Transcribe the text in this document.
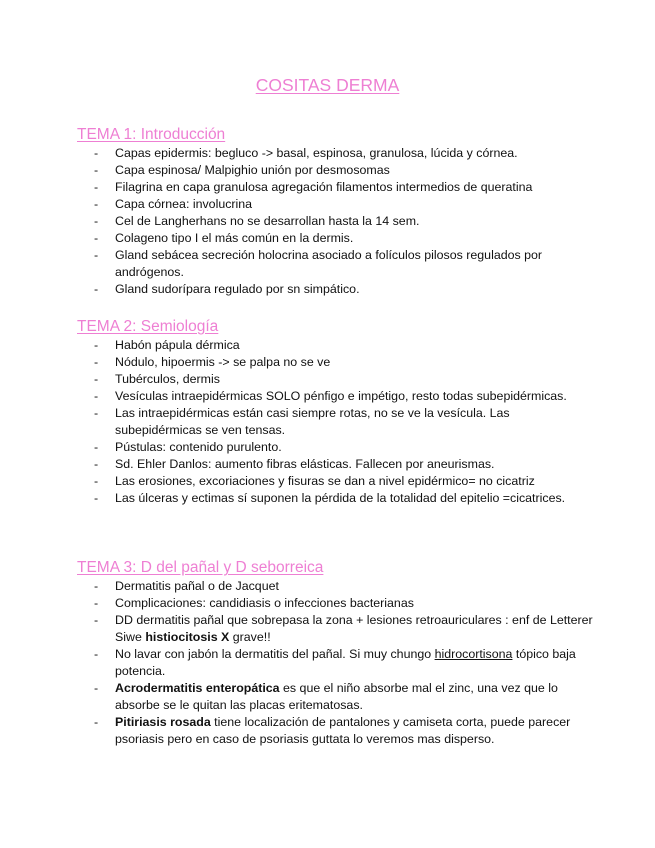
COSITAS DERMA
TEMA 1: Introducción
- Capas epidermis: begluco -> basal, espinosa, granulosa, lúcida y córnea.
- Capa espinosa/ Malpighio unión por desmosomas
- Filagrina en capa granulosa agregación filamentos intermedios de queratina
- Capa córnea: involucrina
- Cel de Langherhans no se desarrollan hasta la 14 sem.
- Colageno tipo I el más común en la dermis.
- Gland sebácea secreción holocrina asociado a folículos pilosos regulados por andrógenos.
- Gland sudorípara regulado por sn simpático.
TEMA 2: Semiología
- Habón pápula dérmica
- Nódulo, hipoermis -> se palpa no se ve
- Tubérculos, dermis
- Vesículas intraepidérmicas SOLO pénfigo e impétigo, resto todas subepidérmicas.
- Las intraepidérmicas están casi siempre rotas, no se ve la vesícula. Las subepidérmicas se ven tensas.
- Pústulas: contenido purulento.
- Sd. Ehler Danlos: aumento fibras elásticas. Fallecen por aneurismas.
- Las erosiones, excoriaciones y fisuras se dan a nivel epidérmico= no cicatriz
- Las úlceras y ectimas sí suponen la pérdida de la totalidad del epitelio =cicatrices.
TEMA 3: D del pañal y D seborreica
- Dermatitis pañal o de Jacquet
- Complicaciones: candidiasis o infecciones bacterianas
- DD dermatitis pañal que sobrepasa la zona + lesiones retroauriculares : enf de Letterer Siwe histiocitosis X grave!!
- No lavar con jabón la dermatitis del pañal. Si muy chungo hidrocortisona tópico baja potencia.
- Acrodermatitis enteropática es que el niño absorbe mal el zinc, una vez que lo absorbe se le quitan las placas eritematosas.
- Pitiriasis rosada tiene localización de pantalones y camiseta corta, puede parecer psoriasis pero en caso de psoriasis guttata lo veremos mas disperso.
